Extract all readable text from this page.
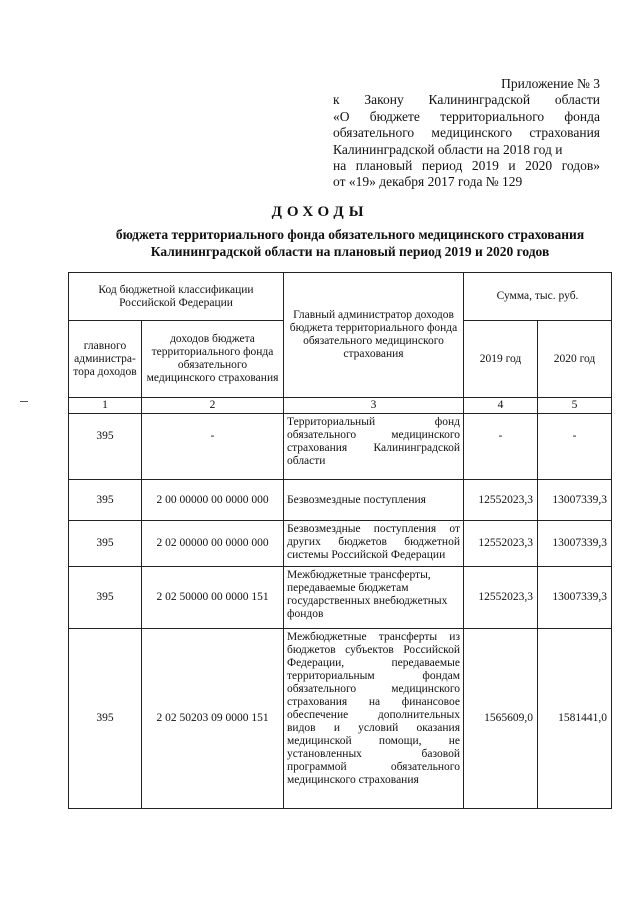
Приложение № 3
к Закону Калининградской области
«О бюджете территориального фонда
обязательного медицинского страхования
Калининградской области на 2018 год и
на плановый период 2019 и 2020 годов»
от «19» декабря 2017 года № 129
ДОХОДЫ
бюджета территориального фонда обязательного медицинского страхования
Калининградской области на плановый период 2019 и 2020 годов
Код бюджетной классификации Российской Федерации		Главный администратор доходов бюджета территориального фонда обязательного медицинского страхования	Сумма, тыс. руб.	
главного администра-тора доходов	доходов бюджета территориального фонда обязательного медицинского страхования		2019 год	2020 год
1	2	3	4	5
395	-	Территориальный фонд обязательного медицинского страхования Калининградской области	-	-
395	2 00 00000 00 0000 000	Безвозмездные поступления	12552023,3	13007339,3
395	2 02 00000 00 0000 000	Безвозмездные поступления от других бюджетов бюджетной системы Российской Федерации	12552023,3	13007339,3
395	2 02 50000 00 0000 151	Межбюджетные трансферты, передаваемые бюджетам государственных внебюджетных фондов	12552023,3	13007339,3
395	2 02 50203 09 0000 151	Межбюджетные трансферты из бюджетов субъектов Российской Федерации, передаваемые территориальным фондам обязательного медицинского страхования на финансовое обеспечение дополнительных видов и условий оказания медицинской помощи, не установленных базовой программой обязательного медицинского страхования	1565609,0	1581441,0
